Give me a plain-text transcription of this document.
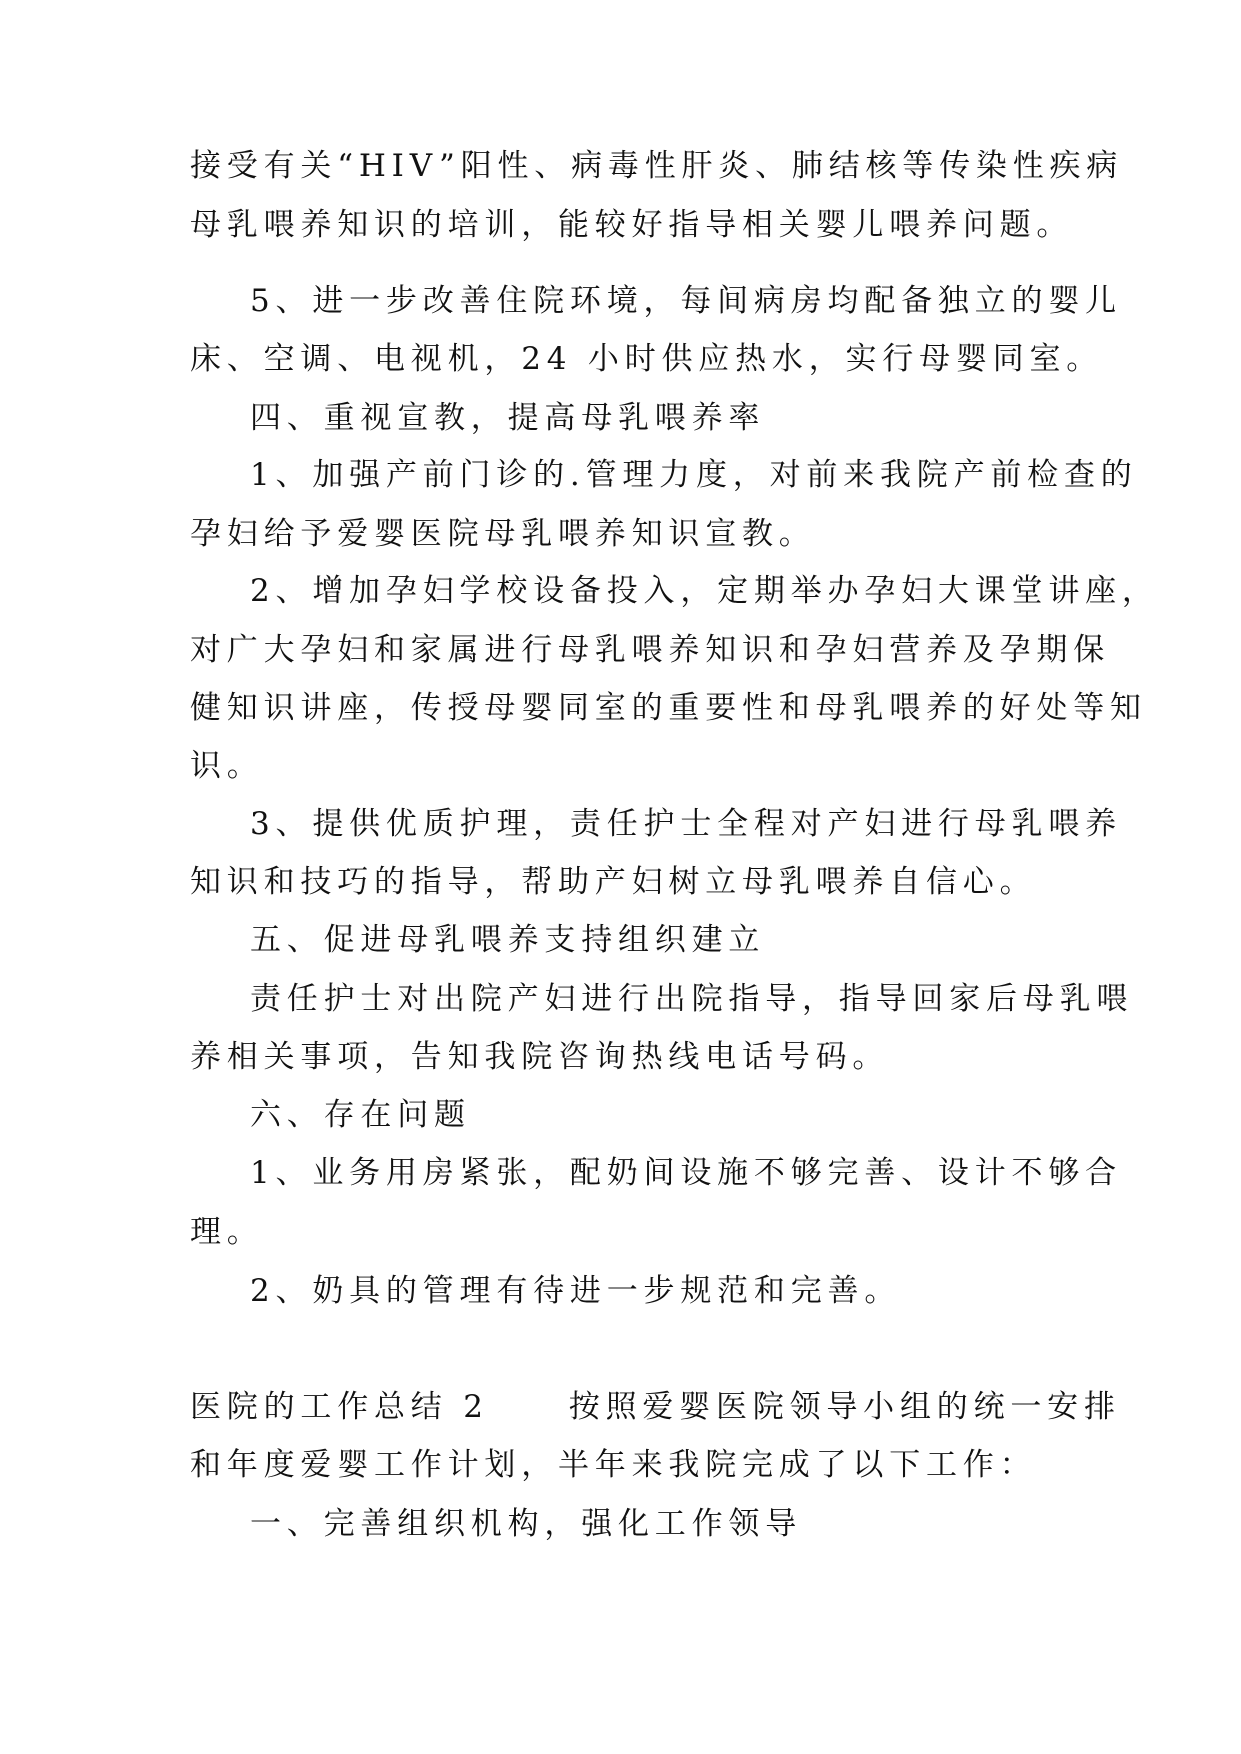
接受有关“HIV”阳性、病毒性肝炎、肺结核等传染性疾病
母乳喂养知识的培训，能较好指导相关婴儿喂养问题。
5、进一步改善住院环境，每间病房均配备独立的婴儿
床、空调、电视机，24 小时供应热水，实行母婴同室。
四、重视宣教，提高母乳喂养率
1、加强产前门诊的.管理力度，对前来我院产前检查的
孕妇给予爱婴医院母乳喂养知识宣教。
2、增加孕妇学校设备投入，定期举办孕妇大课堂讲座，
对广大孕妇和家属进行母乳喂养知识和孕妇营养及孕期保
健知识讲座，传授母婴同室的重要性和母乳喂养的好处等知
识。
3、提供优质护理，责任护士全程对产妇进行母乳喂养
知识和技巧的指导，帮助产妇树立母乳喂养自信心。
五、促进母乳喂养支持组织建立
责任护士对出院产妇进行出院指导，指导回家后母乳喂
养相关事项，告知我院咨询热线电话号码。
六、存在问题
1、业务用房紧张，配奶间设施不够完善、设计不够合
理。
2、奶具的管理有待进一步规范和完善。
医院的工作总结 2	按照爱婴医院领导小组的统一安排
和年度爱婴工作计划，半年来我院完成了以下工作：
一、完善组织机构，强化工作领导
